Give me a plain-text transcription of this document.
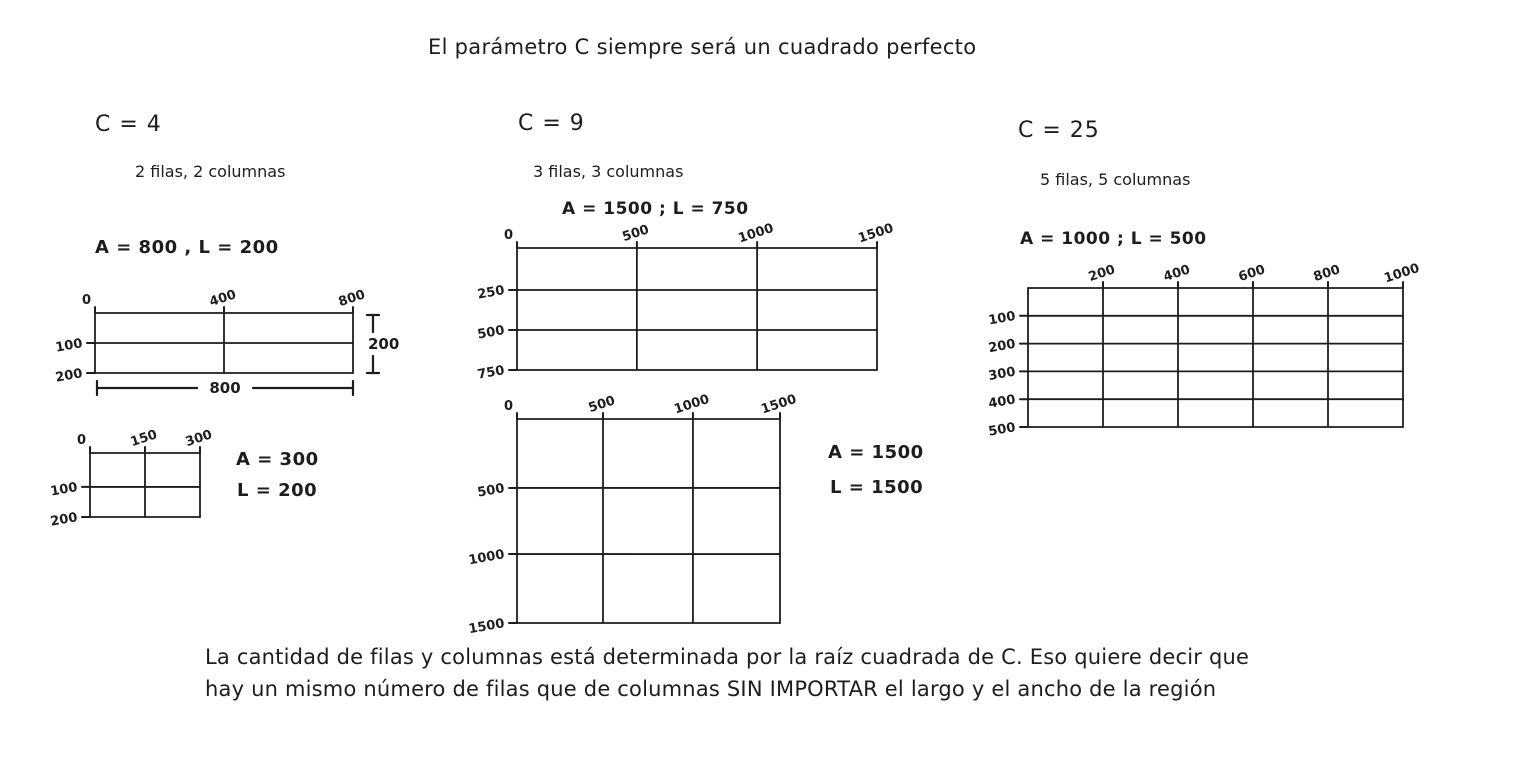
0	400	800
100
200
800
200
0	150 300
100
200
0	500	1000	1500
250
500
750
0	500	1000	1500
500
1000
1500
200	400	600	800	1000
100
200
300
400
500
El parámetro C siempre será un cuadrado perfecto
C = 4
2 filas, 2 columnas
A = 800 , L = 200
C = 9
3 filas, 3 columnas
A = 1500 ; L = 750
C = 25
5 filas, 5 columnas
A = 1000 ; L = 500
A = 300
L = 200
A = 1500
L = 1500
La cantidad de filas y columnas está determinada por la raíz cuadrada de C. Eso quiere decir que
hay un mismo número de filas que de columnas SIN IMPORTAR el largo y el ancho de la región
